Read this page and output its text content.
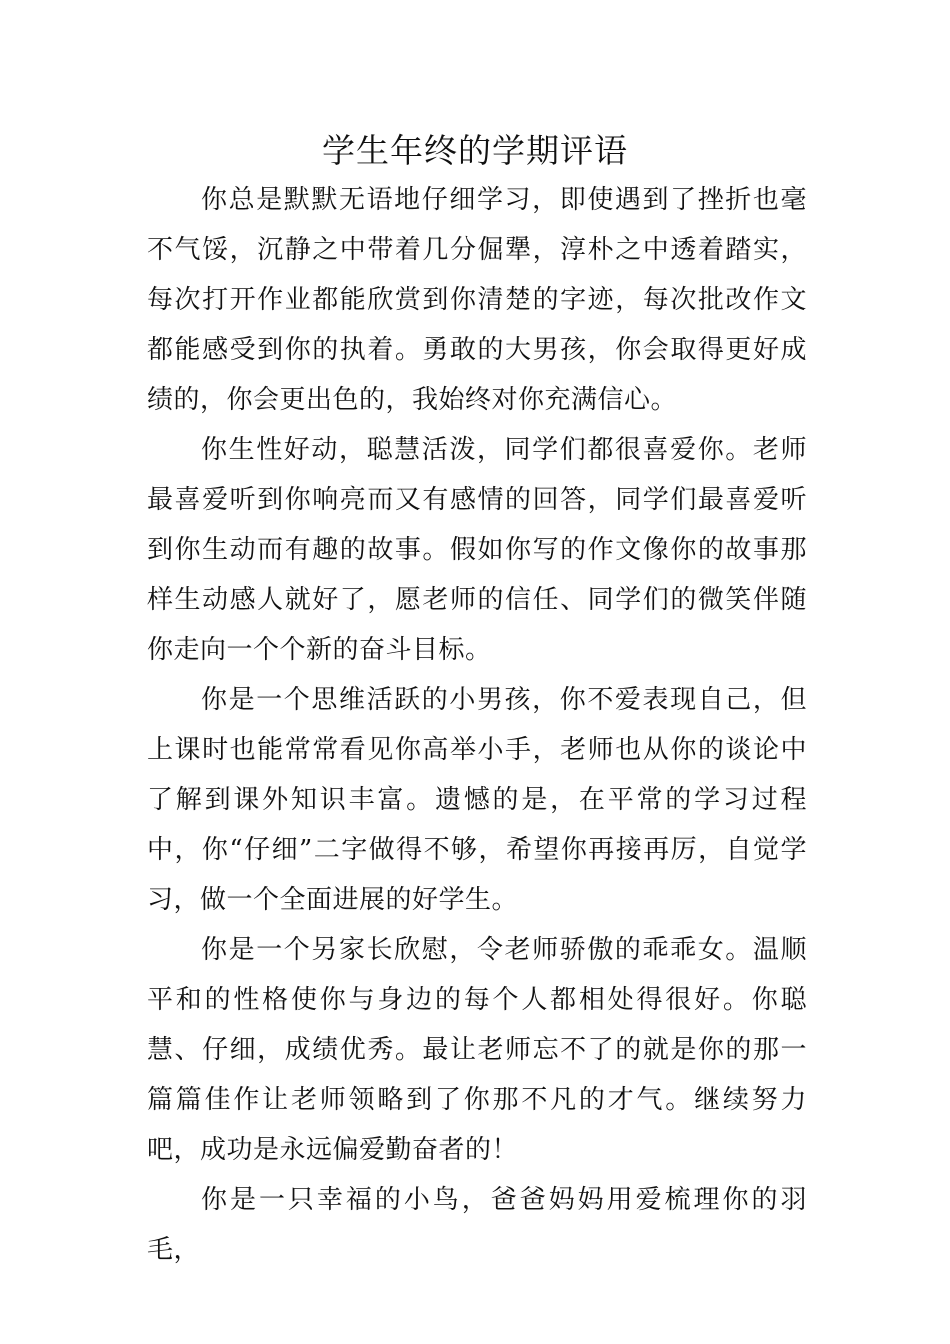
学生年终的学期评语

你总是默默无语地仔细学习，即使遇到了挫折也毫不气馁，沉静之中带着几分倔犟，淳朴之中透着踏实，每次打开作业都能欣赏到你清楚的字迹，每次批改作文都能感受到你的执着。勇敢的大男孩，你会取得更好成绩的，你会更出色的，我始终对你充满信心。

你生性好动，聪慧活泼，同学们都很喜爱你。老师最喜爱听到你响亮而又有感情的回答，同学们最喜爱听到你生动而有趣的故事。假如你写的作文像你的故事那样生动感人就好了，愿老师的信任、同学们的微笑伴随你走向一个个新的奋斗目标。

你是一个思维活跃的小男孩，你不爱表现自己，但上课时也能常常看见你高举小手，老师也从你的谈论中了解到课外知识丰富。遗憾的是，在平常的学习过程中，你“仔细”二字做得不够，希望你再接再厉，自觉学习，做一个全面进展的好学生。

你是一个另家长欣慰，令老师骄傲的乖乖女。温顺平和的性格使你与身边的每个人都相处得很好。你聪慧、仔细，成绩优秀。最让老师忘不了的就是你的那一篇篇佳作让老师领略到了你那不凡的才气。继续努力吧，成功是永远偏爱勤奋者的！

你是一只幸福的小鸟，爸爸妈妈用爱梳理你的羽毛，
